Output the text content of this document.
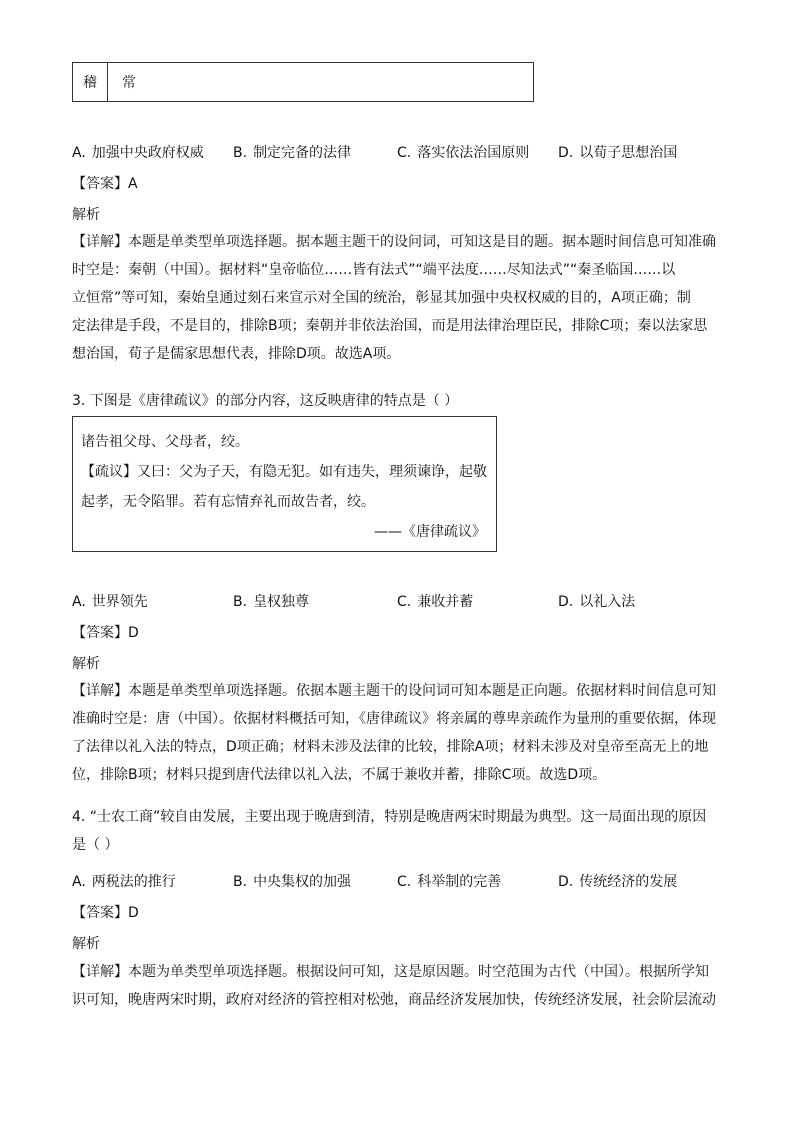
稽	常
A. 加强中央政府权威 B. 制定完备的法律	C. 落实依法治国原则 D. 以荀子思想治国
【答案】A
解析
【详解】本题是单类型单项选择题。据本题主题干的设问词，可知这是目的题。据本题时间信息可知准确
时空是：秦朝（中国）。据材料“皇帝临位……皆有法式”“端平法度……尽知法式”“秦圣临国……以
立恒常”等可知，秦始皇通过刻石来宣示对全国的统治，彰显其加强中央权权威的目的，A项正确；制
定法律是手段，不是目的，排除B项；秦朝并非依法治国，而是用法律治理臣民，排除C项；秦以法家思
想治国，荀子是儒家思想代表，排除D项。故选A项。
3. 下图是《唐律疏议》的部分内容，这反映唐律的特点是（ ）
诸告祖父母、父母者，绞。
【疏议】又曰：父为子天，有隐无犯。如有违失，理须谏诤，起敬
起孝，无令陷罪。若有忘情弃礼而故告者，绞。
——《唐律疏议》
A. 世界领先	B. 皇权独尊	C. 兼收并蓄	D. 以礼入法
【答案】D
解析
【详解】本题是单类型单项选择题。依据本题主题干的设问词可知本题是正向题。依据材料时间信息可知
准确时空是：唐（中国）。依据材料概括可知，《唐律疏议》将亲属的尊卑亲疏作为量刑的重要依据，体现
了法律以礼入法的特点，D项正确；材料未涉及法律的比较，排除A项；材料未涉及对皇帝至高无上的地
位，排除B项；材料只提到唐代法律以礼入法，不属于兼收并蓄，排除C项。故选D项。
4. “士农工商”较自由发展，主要出现于晚唐到清，特别是晚唐两宋时期最为典型。这一局面出现的原因
是（ ）
A. 两税法的推行	B. 中央集权的加强	C. 科举制的完善	D. 传统经济的发展
【答案】D
解析
【详解】本题为单类型单项选择题。根据设问可知，这是原因题。时空范围为古代（中国）。根据所学知
识可知，晚唐两宋时期，政府对经济的管控相对松弛，商品经济发展加快，传统经济发展，社会阶层流动
